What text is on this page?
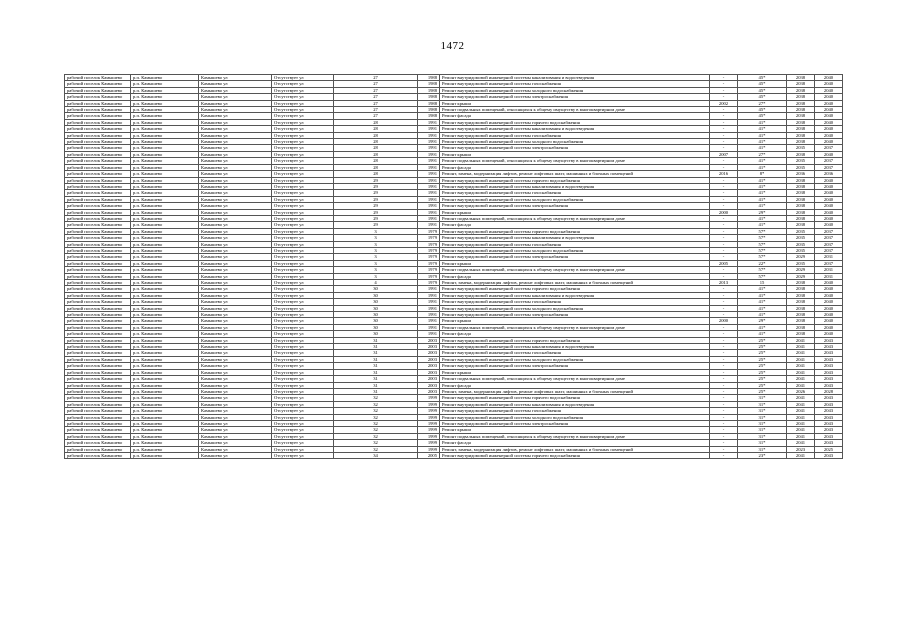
1472
рабочий поселок Камышево	р.п. Камышево	Камышево ул	Отсутствует ул	27	1988	Ремонт внутридомовой инженерной системы канализования и водоотведения	-	45*	2038	2040
рабочий поселок Камышево	р.п. Камышево	Камышево ул	Отсутствует ул	27	1988	Ремонт внутридомовой инженерной системы газоснабжения	-	45*	2038	2040
рабочий поселок Камышево	р.п. Камышево	Камышево ул	Отсутствует ул	27	1988	Ремонт внутридомовой инженерной системы холодного водоснабжения	-	45*	2038	2040
рабочий поселок Камышево	р.п. Камышево	Камышево ул	Отсутствует ул	27	1988	Ремонт внутридомовой инженерной системы электроснабжения	-	45*	2038	2040
рабочий поселок Камышево	р.п. Камышево	Камышево ул	Отсутствует ул	27	1988	Ремонт крыши	2002	27*	2038	2040
рабочий поселок Камышево	р.п. Камышево	Камышево ул	Отсутствует ул	27	1988	Ремонт подвальных помещений, относящихся к общему имуществу в многоквартирном доме	-	45*	2038	2040
рабочий поселок Камышево	р.п. Камышево	Камышево ул	Отсутствует ул	27	1988	Ремонт фасада	-	45*	2038	2040
рабочий поселок Камышево	р.п. Камышево	Камышево ул	Отсутствует ул	28	1991	Ремонт внутридомовой инженерной системы горячего водоснабжения	-	41*	2038	2040
рабочий поселок Камышево	р.п. Камышево	Камышево ул	Отсутствует ул	28	1991	Ремонт внутридомовой инженерной системы канализования и водоотведения	-	41*	2038	2040
рабочий поселок Камышево	р.п. Камышево	Камышево ул	Отсутствует ул	28	1991	Ремонт внутридомовой инженерной системы газоснабжения	-	41*	2038	2040
рабочий поселок Камышево	р.п. Камышево	Камышево ул	Отсутствует ул	28	1991	Ремонт внутридомовой инженерной системы холодного водоснабжения	-	41*	2038	2040
рабочий поселок Камышево	р.п. Камышево	Камышево ул	Отсутствует ул	28	1991	Ремонт внутридомовой инженерной системы электроснабжения	-	41*	2035	2037
рабочий поселок Камышево	р.п. Камышево	Камышево ул	Отсутствует ул	28	1991	Ремонт крыши	2007	27*	2038	2040
рабочий поселок Камышево	р.п. Камышево	Камышево ул	Отсутствует ул	28	1991	Ремонт подвальных помещений, относящихся к общему имуществу в многоквартирном доме	-	41*	2035	2037
рабочий поселок Камышево	р.п. Камышево	Камышево ул	Отсутствует ул	28	1991	Ремонт фасада	-	41*	2035	2037
рабочий поселок Камышево	р.п. Камышево	Камышево ул	Отсутствует ул	28	1991	Ремонт, замена, модернизация лифтов, ремонт лифтовых шахт, машинных и блочных помещений	2016	8*	2036	2036
рабочий поселок Камышево	р.п. Камышево	Камышево ул	Отсутствует ул	29	1991	Ремонт внутридомовой инженерной системы горячего водоснабжения	-	41*	2038	2040
рабочий поселок Камышево	р.п. Камышево	Камышево ул	Отсутствует ул	29	1991	Ремонт внутридомовой инженерной системы канализования и водоотведения	-	41*	2038	2040
рабочий поселок Камышево	р.п. Камышево	Камышево ул	Отсутствует ул	29	1991	Ремонт внутридомовой инженерной системы газоснабжения	-	41*	2038	2040
рабочий поселок Камышево	р.п. Камышево	Камышево ул	Отсутствует ул	29	1991	Ремонт внутридомовой инженерной системы холодного водоснабжения	-	41*	2038	2040
рабочий поселок Камышево	р.п. Камышево	Камышево ул	Отсутствует ул	29	1991	Ремонт внутридомовой инженерной системы электроснабжения	-	41*	2038	2040
рабочий поселок Камышево	р.п. Камышево	Камышево ул	Отсутствует ул	29	1991	Ремонт крыши	2000	29*	2038	2040
рабочий поселок Камышево	р.п. Камышево	Камышево ул	Отсутствует ул	29	1991	Ремонт подвальных помещений, относящихся к общему имуществу в многоквартирном доме	-	41*	2038	2040
рабочий поселок Камышево	р.п. Камышево	Камышево ул	Отсутствует ул	29	1991	Ремонт фасада	-	41*	2038	2040
рабочий поселок Камышево	р.п. Камышево	Камышево ул	Отсутствует ул	3	1979	Ремонт внутридомовой инженерной системы горячего водоснабжения	-	57*	2035	2037
рабочий поселок Камышево	р.п. Камышево	Камышево ул	Отсутствует ул	3	1979	Ремонт внутридомовой инженерной системы канализования и водоотведения	-	57*	2035	2037
рабочий поселок Камышево	р.п. Камышево	Камышево ул	Отсутствует ул	3	1979	Ремонт внутридомовой инженерной системы газоснабжения	-	57*	2035	2037
рабочий поселок Камышево	р.п. Камышево	Камышево ул	Отсутствует ул	3	1979	Ремонт внутридомовой инженерной системы холодного водоснабжения	-	57*	2035	2037
рабочий поселок Камышево	р.п. Камышево	Камышево ул	Отсутствует ул	3	1979	Ремонт внутридомовой инженерной системы электроснабжения	-	57*	2029	2031
рабочий поселок Камышево	р.п. Камышево	Камышево ул	Отсутствует ул	3	1979	Ремонт крыши	2005	22*	2035	2037
рабочий поселок Камышево	р.п. Камышево	Камышево ул	Отсутствует ул	3	1979	Ремонт подвальных помещений, относящихся к общему имуществу в многоквартирном доме	-	57*	2029	2031
рабочий поселок Камышево	р.п. Камышево	Камышево ул	Отсутствует ул	3	1979	Ремонт фасада	-	57*	2029	2031
рабочий поселок Камышево	р.п. Камышево	Камышево ул	Отсутствует ул	4	1979	Ремонт, замена, модернизация лифтов, ремонт лифтовых шахт, машинных и блочных помещений	2013	15	2038	2040
рабочий поселок Камышево	р.п. Камышево	Камышево ул	Отсутствует ул	30	1991	Ремонт внутридомовой инженерной системы горячего водоснабжения	-	41*	2038	2040
рабочий поселок Камышево	р.п. Камышево	Камышево ул	Отсутствует ул	30	1991	Ремонт внутридомовой инженерной системы канализования и водоотведения	-	41*	2038	2040
рабочий поселок Камышево	р.п. Камышево	Камышево ул	Отсутствует ул	30	1991	Ремонт внутридомовой инженерной системы газоснабжения	-	41*	2038	2040
рабочий поселок Камышево	р.п. Камышево	Камышево ул	Отсутствует ул	30	1991	Ремонт внутридомовой инженерной системы холодного водоснабжения	-	41*	2038	2040
рабочий поселок Камышево	р.п. Камышево	Камышево ул	Отсутствует ул	30	1991	Ремонт внутридомовой инженерной системы электроснабжения	-	41*	2038	2040
рабочий поселок Камышево	р.п. Камышево	Камышево ул	Отсутствует ул	30	1991	Ремонт крыши	2000	29*	2038	2040
рабочий поселок Камышево	р.п. Камышево	Камышево ул	Отсутствует ул	30	1991	Ремонт подвальных помещений, относящихся к общему имуществу в многоквартирном доме	-	41*	2038	2040
рабочий поселок Камышево	р.п. Камышево	Камышево ул	Отсутствует ул	30	1991	Ремонт фасада	-	41*	2038	2040
рабочий поселок Камышево	р.п. Камышево	Камышево ул	Отсутствует ул	31	2003	Ремонт внутридомовой инженерной системы горячего водоснабжения	-	25*	2041	2043
рабочий поселок Камышево	р.п. Камышево	Камышево ул	Отсутствует ул	31	2003	Ремонт внутридомовой инженерной системы канализования и водоотведения	-	25*	2041	2043
рабочий поселок Камышево	р.п. Камышево	Камышево ул	Отсутствует ул	31	2003	Ремонт внутридомовой инженерной системы газоснабжения	-	25*	2041	2043
рабочий поселок Камышево	р.п. Камышево	Камышево ул	Отсутствует ул	31	2003	Ремонт внутридомовой инженерной системы холодного водоснабжения	-	25*	2041	2043
рабочий поселок Камышево	р.п. Камышево	Камышево ул	Отсутствует ул	31	2003	Ремонт внутридомовой инженерной системы электроснабжения	-	25*	2041	2043
рабочий поселок Камышево	р.п. Камышево	Камышево ул	Отсутствует ул	31	2003	Ремонт крыши	-	25*	2041	2043
рабочий поселок Камышево	р.п. Камышево	Камышево ул	Отсутствует ул	31	2003	Ремонт подвальных помещений, относящихся к общему имуществу в многоквартирном доме	-	25*	2041	2043
рабочий поселок Камышево	р.п. Камышево	Камышево ул	Отсутствует ул	31	2003	Ремонт фасада	-	25*	2041	2043
рабочий поселок Камышево	р.п. Камышево	Камышево ул	Отсутствует ул	31	2003	Ремонт, замена, модернизация лифтов, ремонт лифтовых шахт, машинных и блочных помещений	-	25*	2026	2028
рабочий поселок Камышево	р.п. Камышево	Камышево ул	Отсутствует ул	32	1999	Ремонт внутридомовой инженерной системы горячего водоснабжения	-	31*	2041	2043
рабочий поселок Камышево	р.п. Камышево	Камышево ул	Отсутствует ул	32	1999	Ремонт внутридомовой инженерной системы канализования и водоотведения	-	31*	2041	2043
рабочий поселок Камышево	р.п. Камышево	Камышево ул	Отсутствует ул	32	1999	Ремонт внутридомовой инженерной системы газоснабжения	-	31*	2041	2043
рабочий поселок Камышево	р.п. Камышево	Камышево ул	Отсутствует ул	32	1999	Ремонт внутридомовой инженерной системы холодного водоснабжения	-	31*	2041	2043
рабочий поселок Камышево	р.п. Камышево	Камышево ул	Отсутствует ул	32	1999	Ремонт внутридомовой инженерной системы электроснабжения	-	31*	2041	2043
рабочий поселок Камышево	р.п. Камышево	Камышево ул	Отсутствует ул	32	1999	Ремонт крыши	-	31*	2041	2043
рабочий поселок Камышево	р.п. Камышево	Камышево ул	Отсутствует ул	32	1999	Ремонт подвальных помещений, относящихся к общему имуществу в многоквартирном доме	-	31*	2041	2043
рабочий поселок Камышево	р.п. Камышево	Камышево ул	Отсутствует ул	32	1999	Ремонт фасада	-	31*	2041	2043
рабочий поселок Камышево	р.п. Камышево	Камышево ул	Отсутствует ул	32	1999	Ремонт, замена, модернизация лифтов, ремонт лифтовых шахт, машинных и блочных помещений	-	31*	2023	2025
рабочий поселок Камышево	р.п. Камышево	Камышево ул	Отсутствует ул	34	2005	Ремонт внутридомовой инженерной системы горячего водоснабжения	-	23*	2041	2043
